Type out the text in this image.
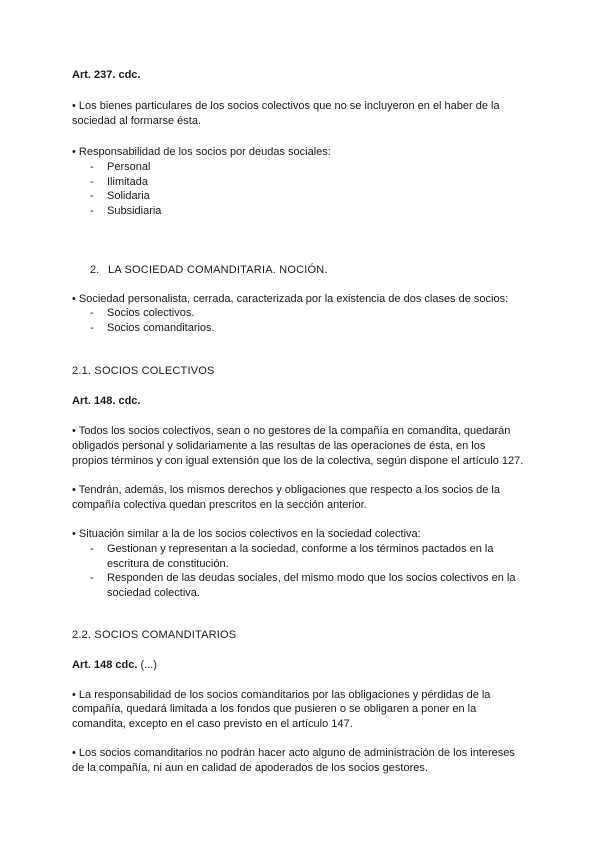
Art. 237. cdc.
• Los bienes particulares de los socios colectivos que no se incluyeron en el haber de la
sociedad al formarse ésta.
• Responsabilidad de los socios por deudas sociales:
- Personal
- Ilimitada
- Solidaria
- Subsidiaria
2. LA SOCIEDAD COMANDITARIA. NOCIÓN.
• Sociedad personalista, cerrada, caracterizada por la existencia de dos clases de socios:
- Socios colectivos.
- Socios comanditarios.
2.1. SOCIOS COLECTIVOS
Art. 148. cdc.
• Todos los socios colectivos, sean o no gestores de la compañía en comandita, quedarán
obligados personal y solidariamente a las resultas de las operaciones de ésta, en los
propios términos y con igual extensión que los de la colectiva, según dispone el artículo 127.
• Tendrán, además, los mismos derechos y obligaciones que respecto a los socios de la
compañía colectiva quedan prescritos en la sección anterior.
• Situación similar a la de los socios colectivos en la sociedad colectiva:
- Gestionan y representan a la sociedad, conforme a los términos pactados en la
escritura de constitución.
- Responden de las deudas sociales, del mismo modo que los socios colectivos en la
sociedad colectiva.
2.2. SOCIOS COMANDITARIOS
Art. 148 cdc. (...)
• La responsabilidad de los socios comanditarios por las obligaciones y pérdidas de la
compañía, quedará limitada a los fondos que pusieren o se obligaren a poner en la
comandita, excepto en el caso previsto en el artículo 147.
• Los socios comanditarios no podrán hacer acto alguno de administración de los intereses
de la compañía, ni aun en calidad de apoderados de los socios gestores.
